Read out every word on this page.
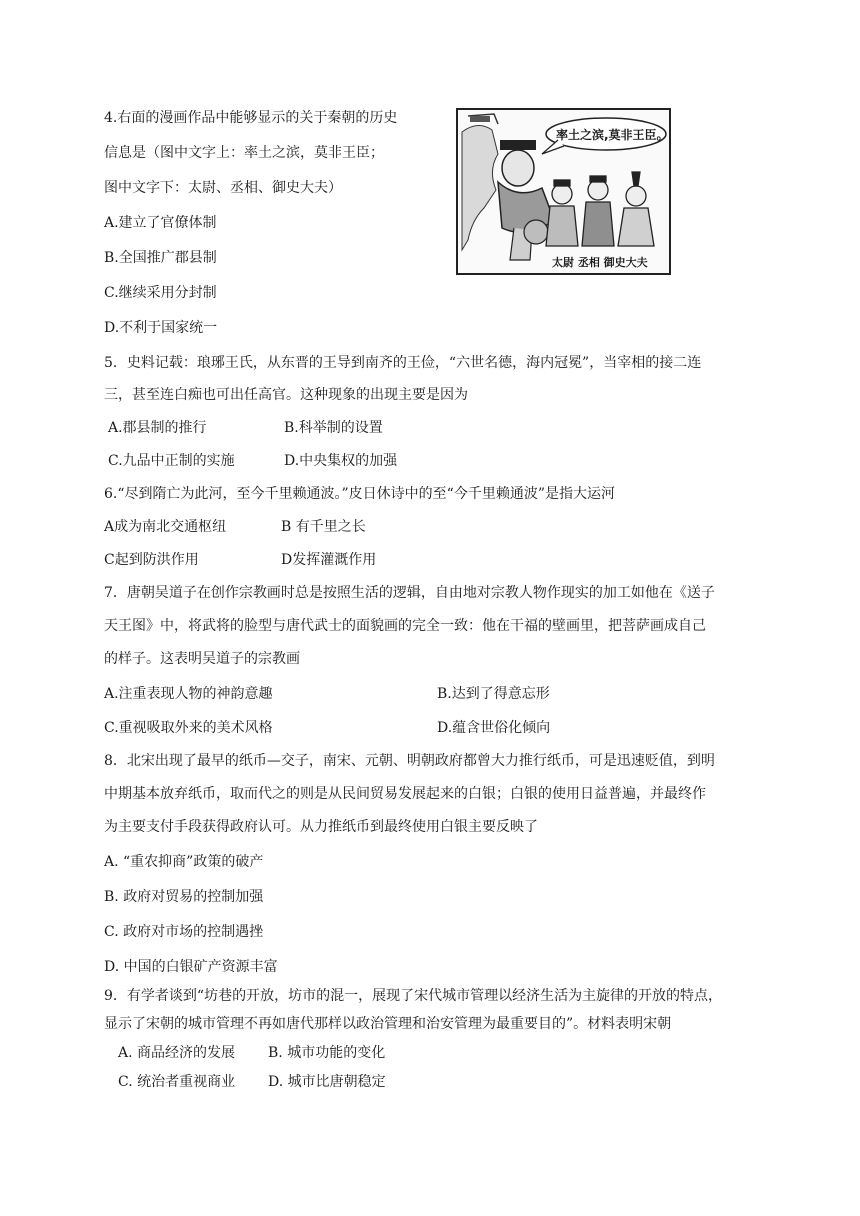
4.右面的漫画作品中能够显示的关于秦朝的历史
信息是（图中文字上：率土之滨，莫非王臣；
图中文字下：太尉、丞相、御史大夫）
A.建立了官僚体制
B.全国推广郡县制
C.继续采用分封制
D.不利于国家统一
率土之滨,莫非王臣。
太尉 丞相 御史大夫
5．史料记载：琅琊王氏，从东晋的王导到南齐的王俭，“六世名德，海内冠冕”，当宰相的接二连
三，甚至连白痴也可出任高官。这种现象的出现主要是因为
A.郡县制的推行	B.科举制的设置
C.九品中正制的实施	D.中央集权的加强
6.“尽到隋亡为此河，至今千里赖通波。”皮日休诗中的至“今千里赖通波”是指大运河
A成为南北交通枢纽	B 有千里之长
C起到防洪作用	D发挥灌溉作用
7．唐朝吴道子在创作宗教画时总是按照生活的逻辑，自由地对宗教人物作现实的加工如他在《送子
天王图》中，将武将的脸型与唐代武士的面貌画的完全一致：他在干福的壁画里，把菩萨画成自己
的样子。这表明吴道子的宗教画
A.注重表现人物的神韵意趣	B.达到了得意忘形
C.重视吸取外来的美术风格	D.蕴含世俗化倾向
8．北宋出现了最早的纸币—交子，南宋、元朝、明朝政府都曾大力推行纸币，可是迅速贬值，到明
中期基本放弃纸币，取而代之的则是从民间贸易发展起来的白银；白银的使用日益普遍，并最终作
为主要支付手段获得政府认可。从力推纸币到最终使用白银主要反映了
A. “重农抑商”政策的破产
B. 政府对贸易的控制加强
C. 政府对市场的控制遇挫
D. 中国的白银矿产资源丰富
9．有学者谈到“坊巷的开放，坊市的混一，展现了宋代城市管理以经济生活为主旋律的开放的特点，
显示了宋朝的城市管理不再如唐代那样以政治管理和治安管理为最重要目的”。材料表明宋朝
A. 商品经济的发展 B. 城市功能的变化
C. 统治者重视商业 D. 城市比唐朝稳定
